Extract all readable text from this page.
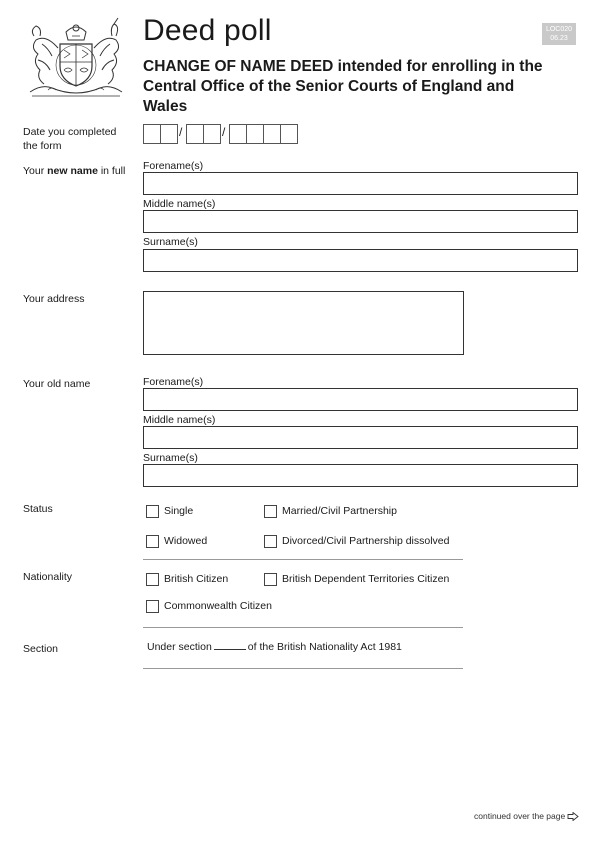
Deed poll
CHANGE OF NAME DEED intended for enrolling in the Central Office of the Senior Courts of England and Wales
LOC020
06.23
Date you completed the form
/	/
Your new name in full Forename(s)
Middle name(s)
Surname(s)
Your address
Your old name	Forename(s)
Middle name(s)
Surname(s)
Status	Single	Married/Civil Partnership
Widowed	Divorced/Civil Partnership dissolved
Nationality	British Citizen	British Dependent Territories Citizen
Commonwealth Citizen
Section	Under section	of the British Nationality Act 1981
continued over the page
